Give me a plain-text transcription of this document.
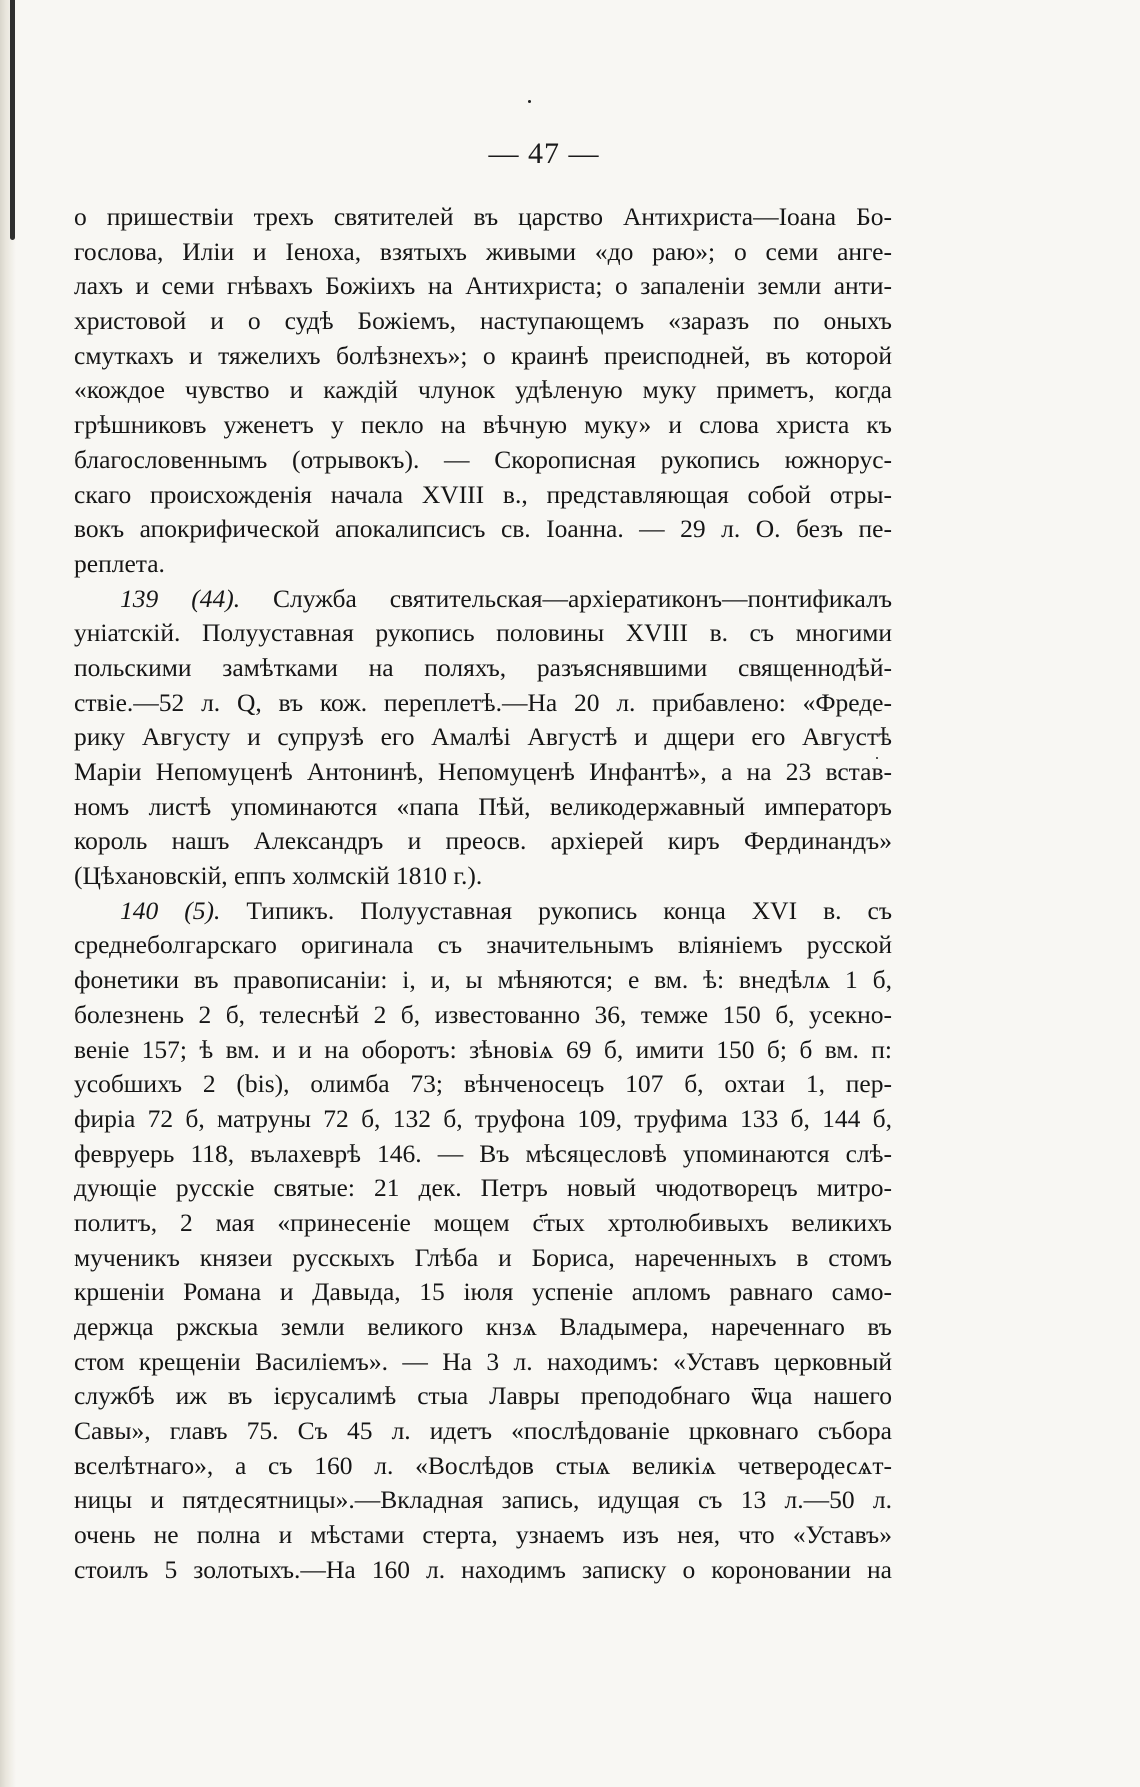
— 47 —
о пришествіи трехъ святителей въ царство Антихриста—Іоана Бо-
гослова, Иліи и Іеноха, взятыхъ живыми «до раю»; о семи анге-
лахъ и семи гнѣвахъ Божіихъ на Антихриста; о запаленіи земли анти-
христовой и о судѣ Божіемъ, наступающемъ «заразъ по оныхъ
смуткахъ и тяжелихъ болѣзнехъ»; о краинѣ преисподней, въ которой
«кождое чувство и каждій члунок удѣленую муку приметъ, когда
грѣшниковъ уженетъ у пекло на вѣчную муку» и слова христа къ
благословеннымъ (отрывокъ). — Скорописная рукопись южнорус-
скаго происхожденія начала XVIII в., представляющая собой отры-
вокъ апокрифической апокалипсисъ св. Іоанна. — 29 л. О. безъ пе-
реплета.
139 (44). Служба святительская—архіератиконъ—понтификалъ
уніатскій. Полууставная рукопись половины XVIII в. съ многими
польскими замѣтками на поляхъ, разъяснявшими священнодѣй-
ствіе.—52 л. Q, въ кож. переплетѣ.—На 20 л. прибавлено: «Фреде-
рику Августу и супрузѣ его Амалѣі Августѣ и дщери его Августѣ
Маріи Непомуценѣ Антонинѣ, Непомуценѣ Инфантѣ», а на 23 встав-
номъ листѣ упоминаются «папа Пѣй, великодержавный императоръ
король нашъ Александръ и преосв. архіерей киръ Фердинандъ»
(Цѣхановскій, еппъ холмскій 1810 г.).
140 (5). Типикъ. Полууставная рукопись конца XVI в. съ
среднеболгарскаго оригинала съ значительнымъ вліяніемъ русской
фонетики въ правописаніи: і, и, ы мѣняются; е вм. ѣ: внедѣлѧ 1 б,
болезнень 2 б, телеснѣй 2 б, известованно 36, темже 150 б, усекно-
веніе 157; ѣ вм. и и на оборотъ: зѣновіѧ 69 б, имити 150 б; б вм. п:
усобшихъ 2 (bis), олимба 73; вѣнченосецъ 107 б, охтаи 1, пер-
фиріа 72 б, матруны 72 б, 132 б, труфона 109, труфима 133 б, 144 б,
февруерь 118, вълахеврѣ 146. — Въ мѣсяцесловѣ упоминаются слѣ-
дующіе русскіе святые: 21 дек. Петръ новый чюдотворецъ митро-
политъ, 2 мая «принесеніе мощем с҃тых хртолюбивыхъ великихъ
мученикъ князеи русскыхъ Глѣба и Бориса, нареченныхъ в стомъ
кршеніи Романа и Давыда, 15 іюля успеніе апломъ равнаго само-
держца ржскыа земли великого кнзѧ Владымера, нареченнаго въ
стом крещеніи Василіемъ». — На 3 л. находимъ: «Уставъ церковный
службѣ иж въ ієрусалимѣ стыа Лавры преподобнаго ѿца нашего
Савы», главъ 75. Съ 45 л. идетъ «послѣдованіе црковнаго събора
вселѣтнаго», а съ 160 л. «Вослѣдов стыѧ великіѧ четверодесѧт-
ницы и пятдесятницы».—Вкладная запись, идущая съ 13 л.—50 л.
очень не полна и мѣстами стерта, узнаемъ изъ нея, что «Уставъ»
стоилъ 5 золотыхъ.—На 160 л. находимъ записку о короновании на
